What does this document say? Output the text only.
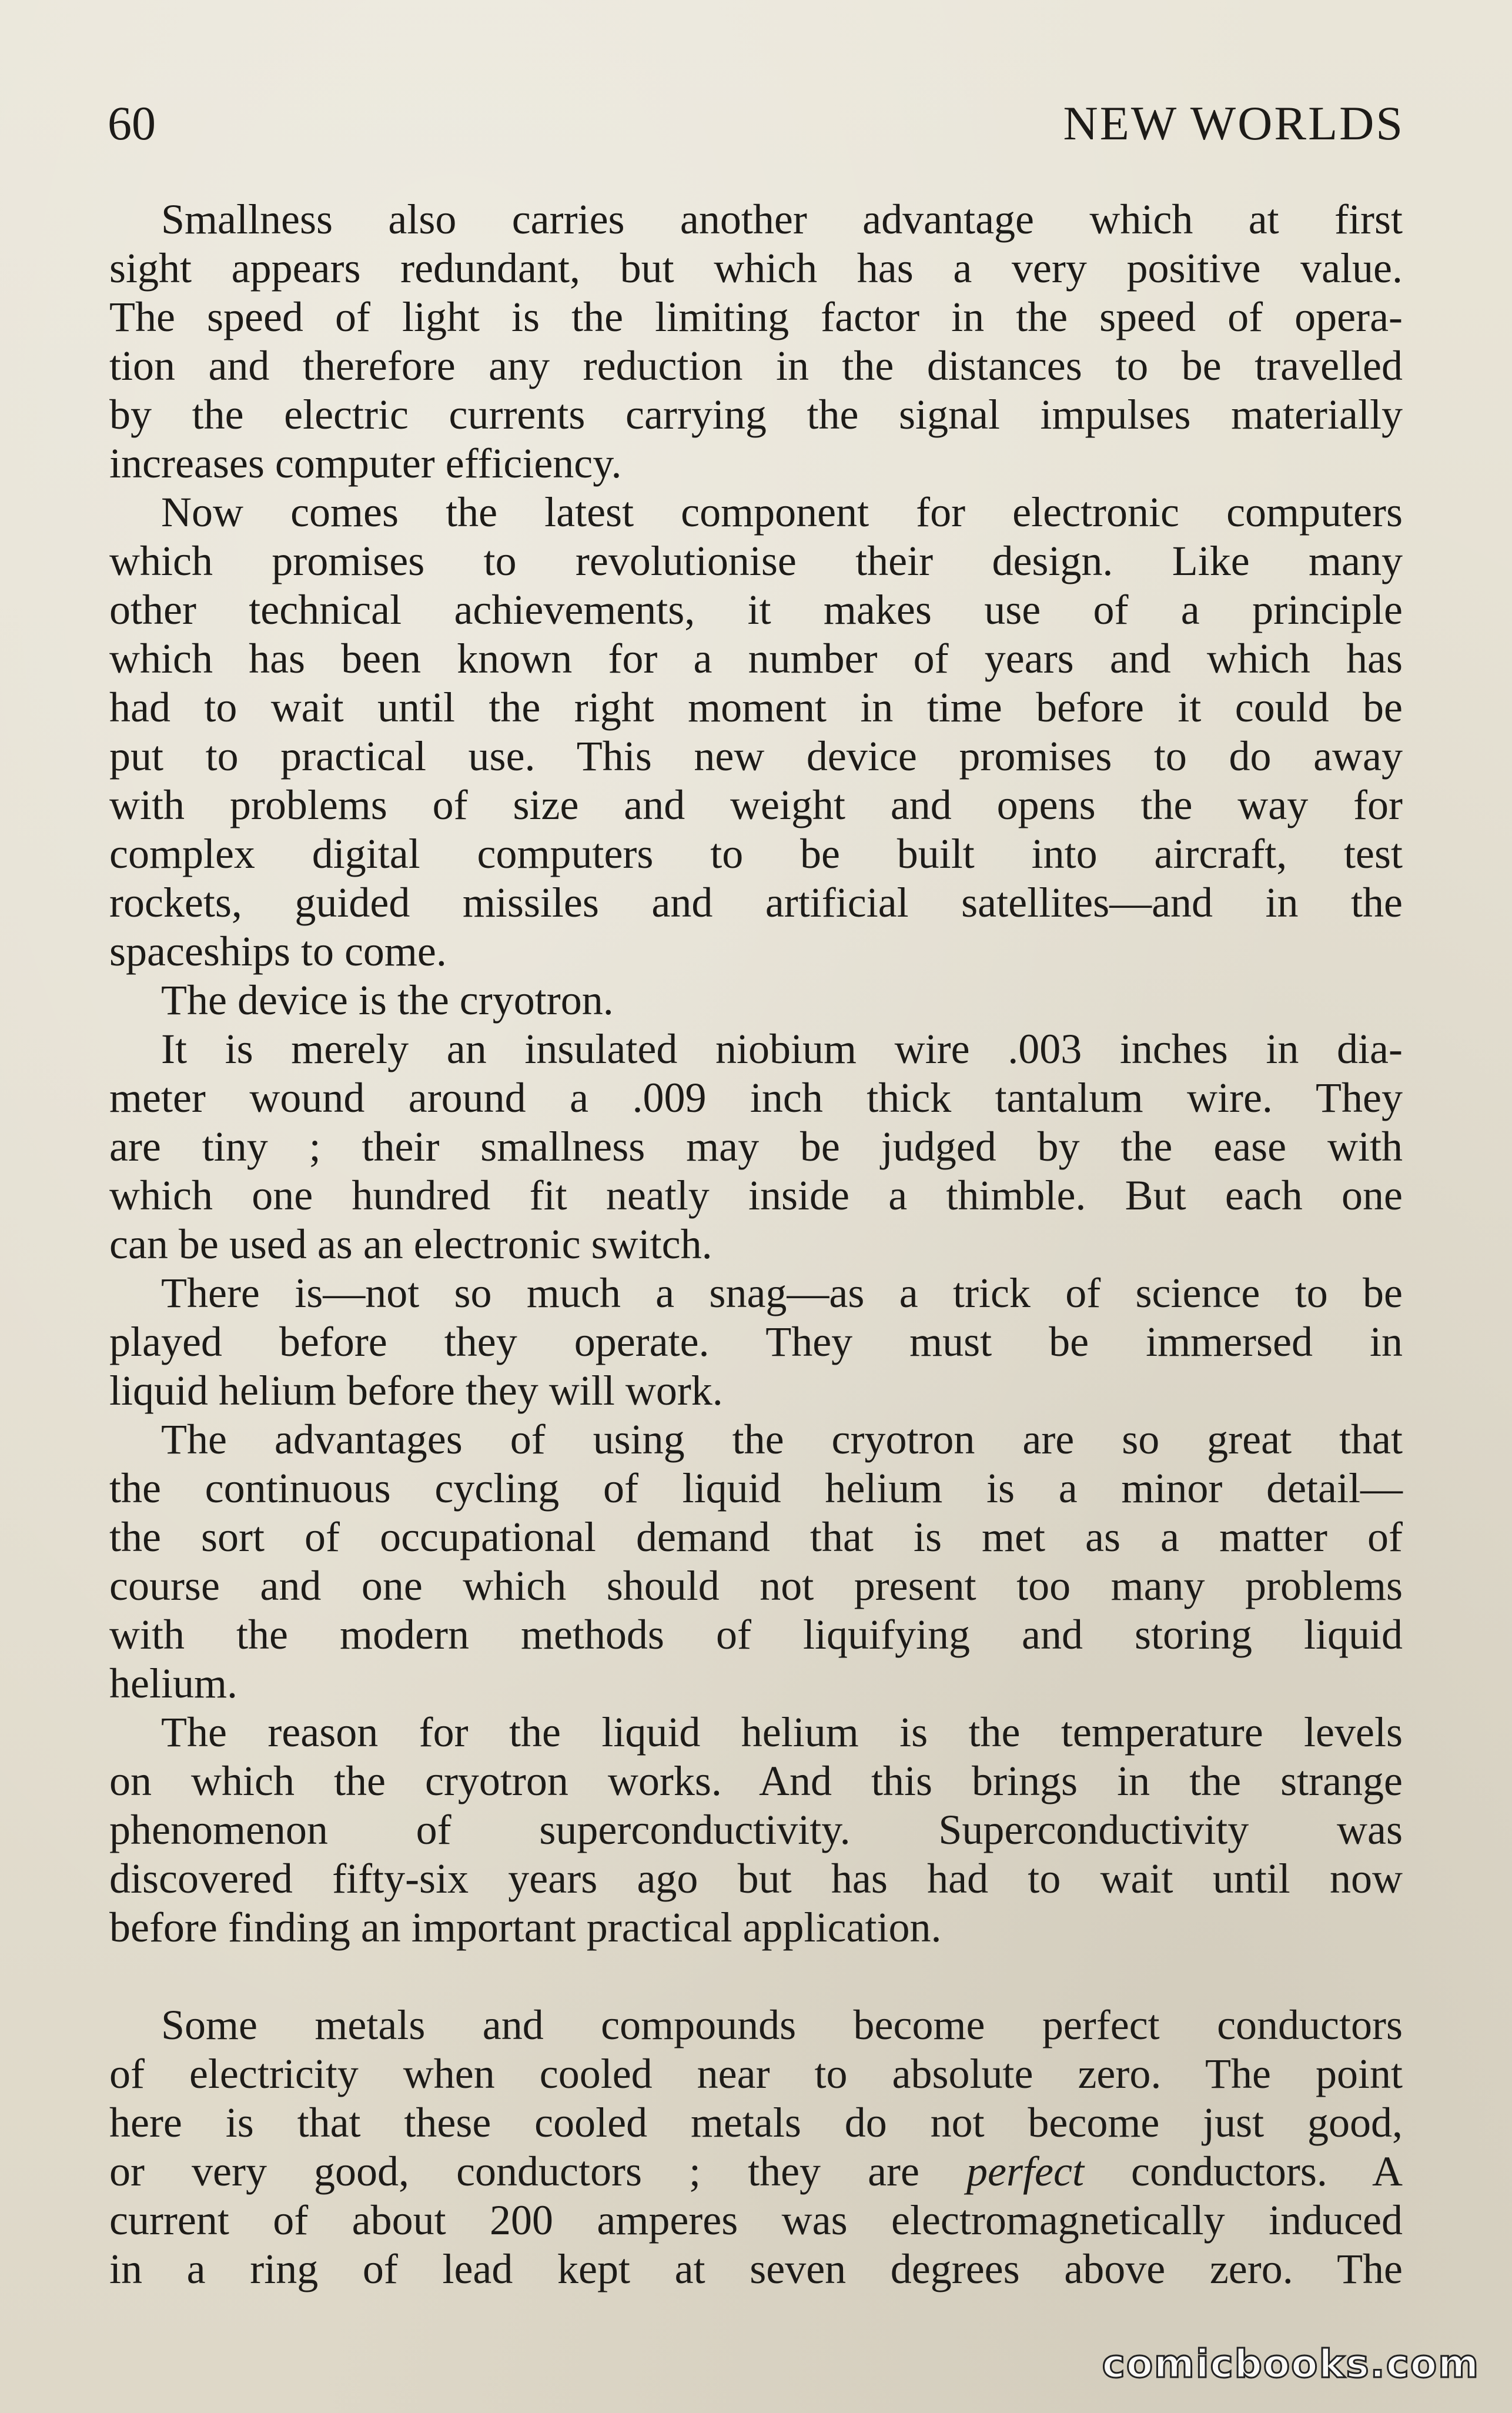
60	NEW WORLDS
Smallness also carries another advantage which at first
sight appears redundant, but which has a very positive value.
The speed of light is the limiting factor in the speed of opera-
tion and therefore any reduction in the distances to be travelled
by the electric currents carrying the signal impulses materially
increases computer efficiency.
Now comes the latest component for electronic computers
which promises to revolutionise their design. Like many
other technical achievements, it makes use of a principle
which has been known for a number of years and which has
had to wait until the right moment in time before it could be
put to practical use. This new device promises to do away
with problems of size and weight and opens the way for
complex digital computers to be built into aircraft, test
rockets, guided missiles and artificial satellites—and in the
spaceships to come.
The device is the cryotron.
It is merely an insulated niobium wire .003 inches in dia-
meter wound around a .009 inch thick tantalum wire. They
are tiny ; their smallness may be judged by the ease with
which one hundred fit neatly inside a thimble. But each one
can be used as an electronic switch.
There is—not so much a snag—as a trick of science to be
played before they operate. They must be immersed in
liquid helium before they will work.
The advantages of using the cryotron are so great that
the continuous cycling of liquid helium is a minor detail—
the sort of occupational demand that is met as a matter of
course and one which should not present too many problems
with the modern methods of liquifying and storing liquid
helium.
The reason for the liquid helium is the temperature levels
on which the cryotron works. And this brings in the strange
phenomenon of superconductivity. Superconductivity was
discovered fifty-six years ago but has had to wait until now
before finding an important practical application.
Some metals and compounds become perfect conductors
of electricity when cooled near to absolute zero. The point
here is that these cooled metals do not become just good,
or very good, conductors ; they are perfect conductors. A
current of about 200 amperes was electromagnetically induced
in a ring of lead kept at seven degrees above zero. The
comicbooks.com
